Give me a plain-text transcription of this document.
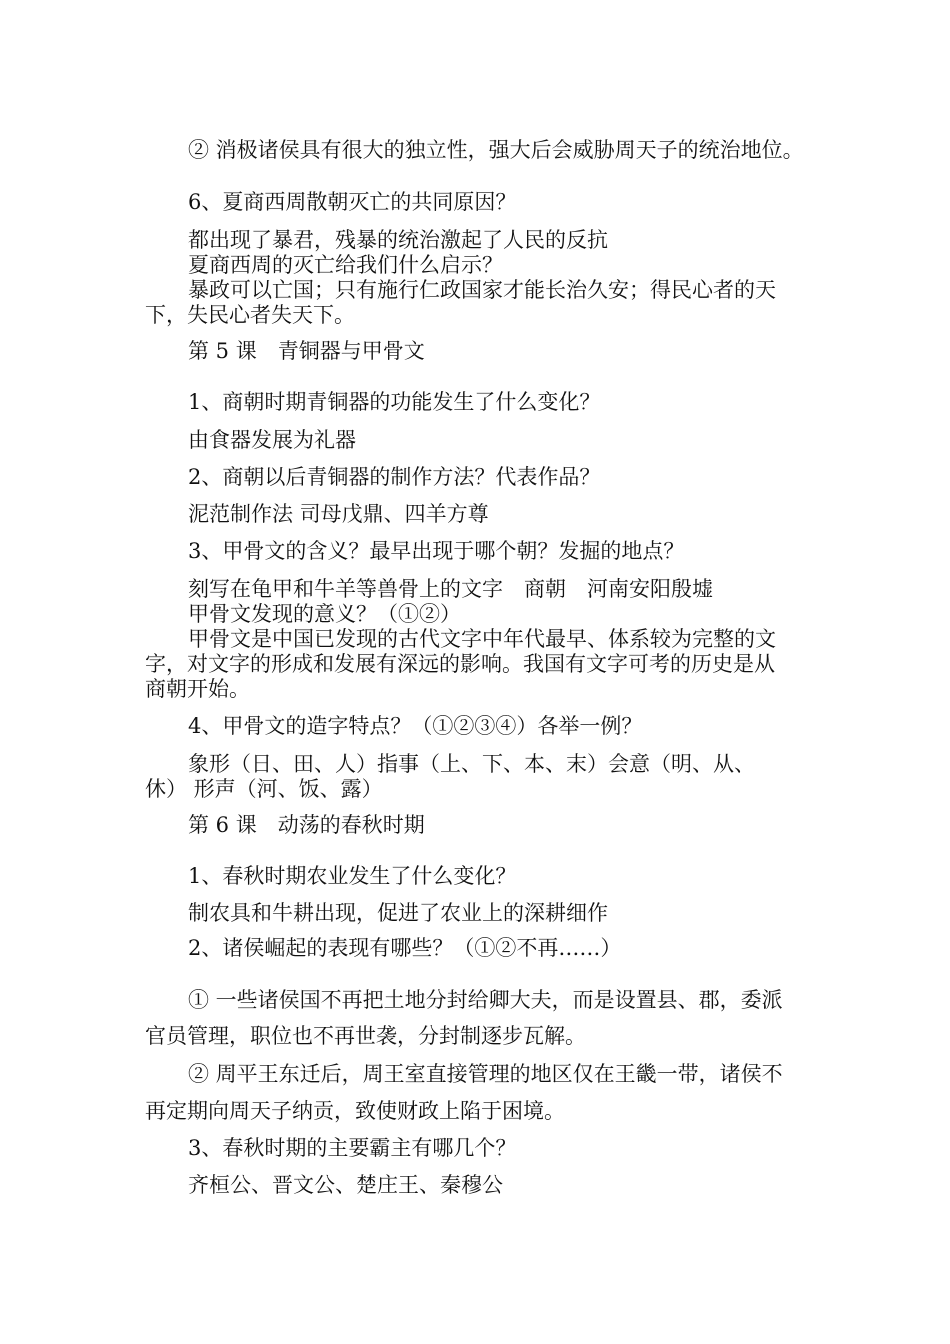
② 消极诸侯具有很大的独立性，强大后会威胁周天子的统治地位。

6、夏商西周散朝灭亡的共同原因？

都出现了暴君，残暴的统治激起了人民的反抗

夏商西周的灭亡给我们什么启示？

暴政可以亡国；只有施行仁政国家才能长治久安；得民心者的天

下，失民心者失天下。

第 5 课　青铜器与甲骨文

1、商朝时期青铜器的功能发生了什么变化？

由食器发展为礼器

2、商朝以后青铜器的制作方法？代表作品？

泥范制作法 司母戊鼎、四羊方尊

3、甲骨文的含义？最早出现于哪个朝？发掘的地点？

刻写在龟甲和牛羊等兽骨上的文字　商朝　河南安阳殷墟

甲骨文发现的意义？（①②）

甲骨文是中国已发现的古代文字中年代最早、体系较为完整的文

字，对文字的形成和发展有深远的影响。我国有文字可考的历史是从

商朝开始。

4、甲骨文的造字特点？（①②③④）各举一例？

象形（日、田、人）指事（上、下、本、末）会意（明、从、

休） 形声（河、饭、露）

第 6 课　动荡的春秋时期

1、春秋时期农业发生了什么变化？

制农具和牛耕出现，促进了农业上的深耕细作

2、诸侯崛起的表现有哪些？（①②不再……）

① 一些诸侯国不再把土地分封给卿大夫，而是设置县、郡，委派

官员管理，职位也不再世袭，分封制逐步瓦解。

② 周平王东迁后，周王室直接管理的地区仅在王畿一带，诸侯不

再定期向周天子纳贡，致使财政上陷于困境。

3、春秋时期的主要霸主有哪几个？

齐桓公、晋文公、楚庄王、秦穆公
